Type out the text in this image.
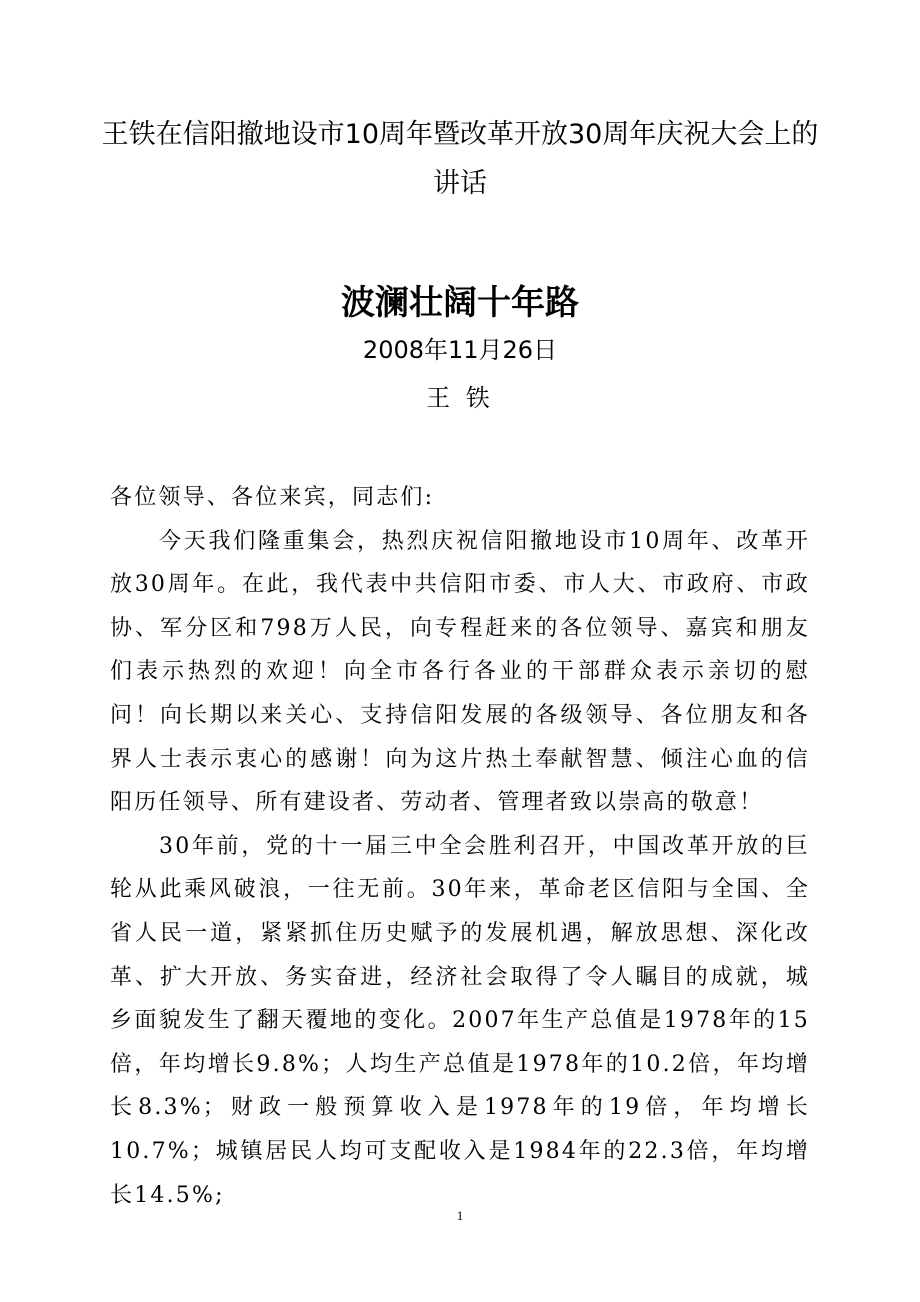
王铁在信阳撤地设市10周年暨改革开放30周年庆祝大会上的讲话
波澜壮阔十年路
2008年11月26日
王 铁

各位领导、各位来宾，同志们:

今天我们隆重集会，热烈庆祝信阳撤地设市10周年、改革开放30周年。在此，我代表中共信阳市委、市人大、市政府、市政协、军分区和798万人民，向专程赶来的各位领导、嘉宾和朋友们表示热烈的欢迎！向全市各行各业的干部群众表示亲切的慰问！向长期以来关心、支持信阳发展的各级领导、各位朋友和各界人士表示衷心的感谢！向为这片热土奉献智慧、倾注心血的信阳历任领导、所有建设者、劳动者、管理者致以崇高的敬意！

30年前，党的十一届三中全会胜利召开，中国改革开放的巨轮从此乘风破浪，一往无前。30年来，革命老区信阳与全国、全省人民一道，紧紧抓住历史赋予的发展机遇，解放思想、深化改革、扩大开放、务实奋进，经济社会取得了令人瞩目的成就，城乡面貌发生了翻天覆地的变化。2007年生产总值是1978年的15倍，年均增长9.8%；人均生产总值是1978年的10.2倍，年均增长8.3%；财政一般预算收入是1978年的19倍，年均增长10.7%；城镇居民人均可支配收入是1984年的22.3倍，年均增长14.5%;

1
